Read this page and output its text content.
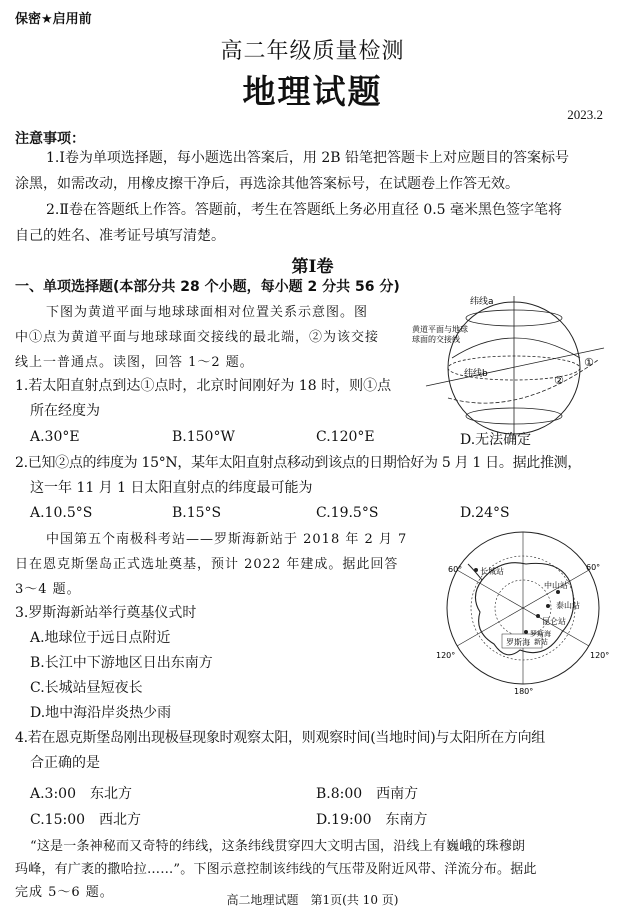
保密★启用前
高二年级质量检测
地理试题
2023.2
注意事项：
1.Ⅰ卷为单项选择题，每小题选出答案后，用 2B 铅笔把答题卡上对应题目的答案标号
涂黑，如需改动，用橡皮擦干净后，再选涂其他答案标号，在试题卷上作答无效。
2.Ⅱ卷在答题纸上作答。答题前，考生在答题纸上务必用直径 0.5 毫米黑色签字笔将
自己的姓名、准考证号填写清楚。
第Ⅰ卷
一、单项选择题(本部分共 28 个小题，每小题 2 分共 56 分)
下图为黄道平面与地球球面相对位置关系示意图。图
中①点为黄道平面与地球球面交接线的最北端，②为该交接
线上一普通点。读图，回答 1～2 题。
纬线a
黄道平面与地球
球面的交接线
纬线b
①
②
1.若太阳直射点到达①点时，北京时间刚好为 18 时，则①点
所在经度为
A.30°E	B.150°W	C.120°E	D.无法确定
2.已知②点的纬度为 15°N，某年太阳直射点移动到该点的日期恰好为 5 月 1 日。据此推测，
这一年 11 月 1 日太阳直射点的纬度最可能为
A.10.5°S	B.15°S	C.19.5°S	D.24°S
中国第五个南极科考站——罗斯海新站于 2018 年 2 月 7
日在恩克斯堡岛正式选址奠基，预计 2022 年建成。据此回答
3～4 题。
60°	60°
120°	120°
180°
长城站
中山站
泰山站
昆仑站
罗斯海
新站
罗斯海
3.罗斯海新站举行奠基仪式时
A.地球位于远日点附近
B.长江中下游地区日出东南方
C.长城站昼短夜长
D.地中海沿岸炎热少雨
4.若在恩克斯堡岛刚出现极昼现象时观察太阳，则观察时间(当地时间)与太阳所在方向组
合正确的是
A.3:00　东北方	B.8:00　西南方
C.15:00　西北方	D.19:00　东南方
“这是一条神秘而又奇特的纬线，这条纬线贯穿四大文明古国，沿线上有巍峨的珠穆朗
玛峰，有广袤的撒哈拉……”。下图示意控制该纬线的气压带及附近风带、洋流分布。据此
完成 5～6 题。	高二地理试题　第1页(共 10 页)
